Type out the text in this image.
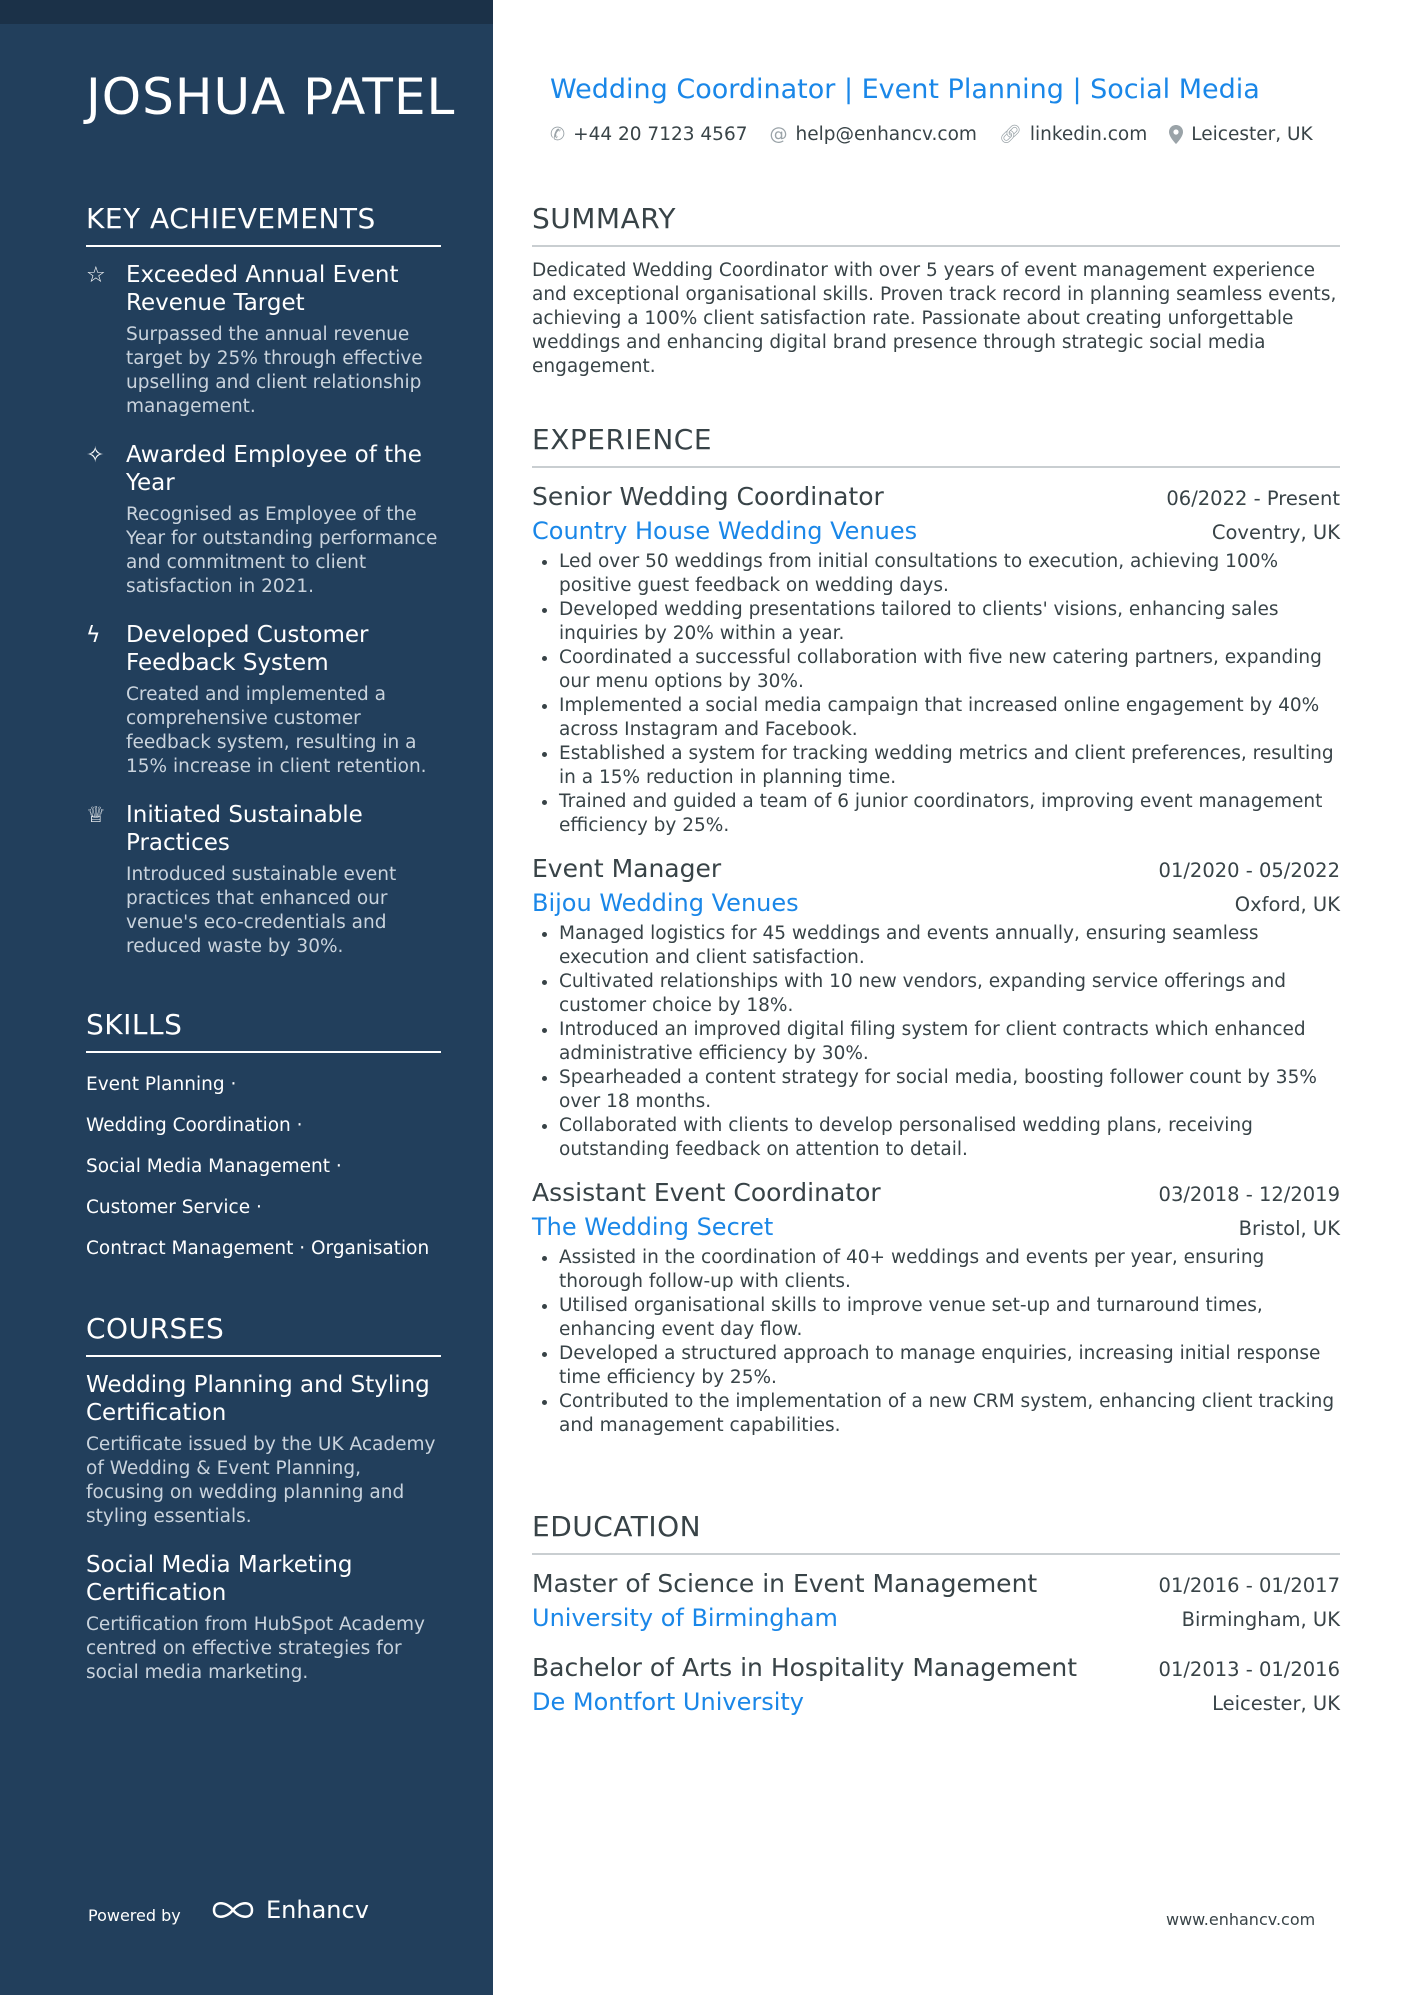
JOSHUA PATEL
KEY ACHIEVEMENTS
☆ Exceeded Annual Event Revenue Target
Surpassed the annual revenue target by 25% through effective upselling and client relationship management.
✧ Awarded Employee of the Year
Recognised as Employee of the Year for outstanding performance and commitment to client satisfaction in 2021.
ϟ	Developed Customer Feedback System
Created and implemented a comprehensive customer feedback system, resulting in a 15% increase in client retention.
♕ Initiated Sustainable Practices
Introduced sustainable event practices that enhanced our venue's eco-credentials and reduced waste by 30%.
SKILLS
Event Planning ·
Wedding Coordination ·
Social Media Management ·
Customer Service ·
Contract Management · Organisation
COURSES
Wedding Planning and Styling Certification
Certificate issued by the UK Academy of Wedding & Event Planning, focusing on wedding planning and styling essentials.
Social Media Marketing Certification
Certification from HubSpot Academy centred on effective strategies for social media marketing.
Powered by	Enhancv
Wedding Coordinator | Event Planning | Social Media
✆ +44 20 7123 4567 @ help@enhancv.com 🔗︎ linkedin.com Leicester, UK
SUMMARY
Dedicated Wedding Coordinator with over 5 years of event management experience and exceptional organisational skills. Proven track record in planning seamless events, achieving a 100% client satisfaction rate. Passionate about creating unforgettable weddings and enhancing digital brand presence through strategic social media engagement.
EXPERIENCE
Senior Wedding Coordinator	06/2022 - Present
Country House Wedding Venues	Coventry, UK
• Led over 50 weddings from initial consultations to execution, achieving 100% positive guest feedback on wedding days.
• Developed wedding presentations tailored to clients' visions, enhancing sales inquiries by 20% within a year.
• Coordinated a successful collaboration with five new catering partners, expanding our menu options by 30%.
• Implemented a social media campaign that increased online engagement by 40% across Instagram and Facebook.
• Established a system for tracking wedding metrics and client preferences, resulting in a 15% reduction in planning time.
• Trained and guided a team of 6 junior coordinators, improving event management efficiency by 25%.
Event Manager	01/2020 - 05/2022
Bijou Wedding Venues	Oxford, UK
• Managed logistics for 45 weddings and events annually, ensuring seamless execution and client satisfaction.
• Cultivated relationships with 10 new vendors, expanding service offerings and customer choice by 18%.
• Introduced an improved digital filing system for client contracts which enhanced administrative efficiency by 30%.
• Spearheaded a content strategy for social media, boosting follower count by 35% over 18 months.
• Collaborated with clients to develop personalised wedding plans, receiving outstanding feedback on attention to detail.
Assistant Event Coordinator	03/2018 - 12/2019
The Wedding Secret	Bristol, UK
• Assisted in the coordination of 40+ weddings and events per year, ensuring thorough follow-up with clients.
• Utilised organisational skills to improve venue set-up and turnaround times, enhancing event day flow.
• Developed a structured approach to manage enquiries, increasing initial response time efficiency by 25%.
• Contributed to the implementation of a new CRM system, enhancing client tracking and management capabilities.
EDUCATION
Master of Science in Event Management	01/2016 - 01/2017
University of Birmingham	Birmingham, UK
Bachelor of Arts in Hospitality Management	01/2013 - 01/2016
De Montfort University	Leicester, UK
www.enhancv.com
